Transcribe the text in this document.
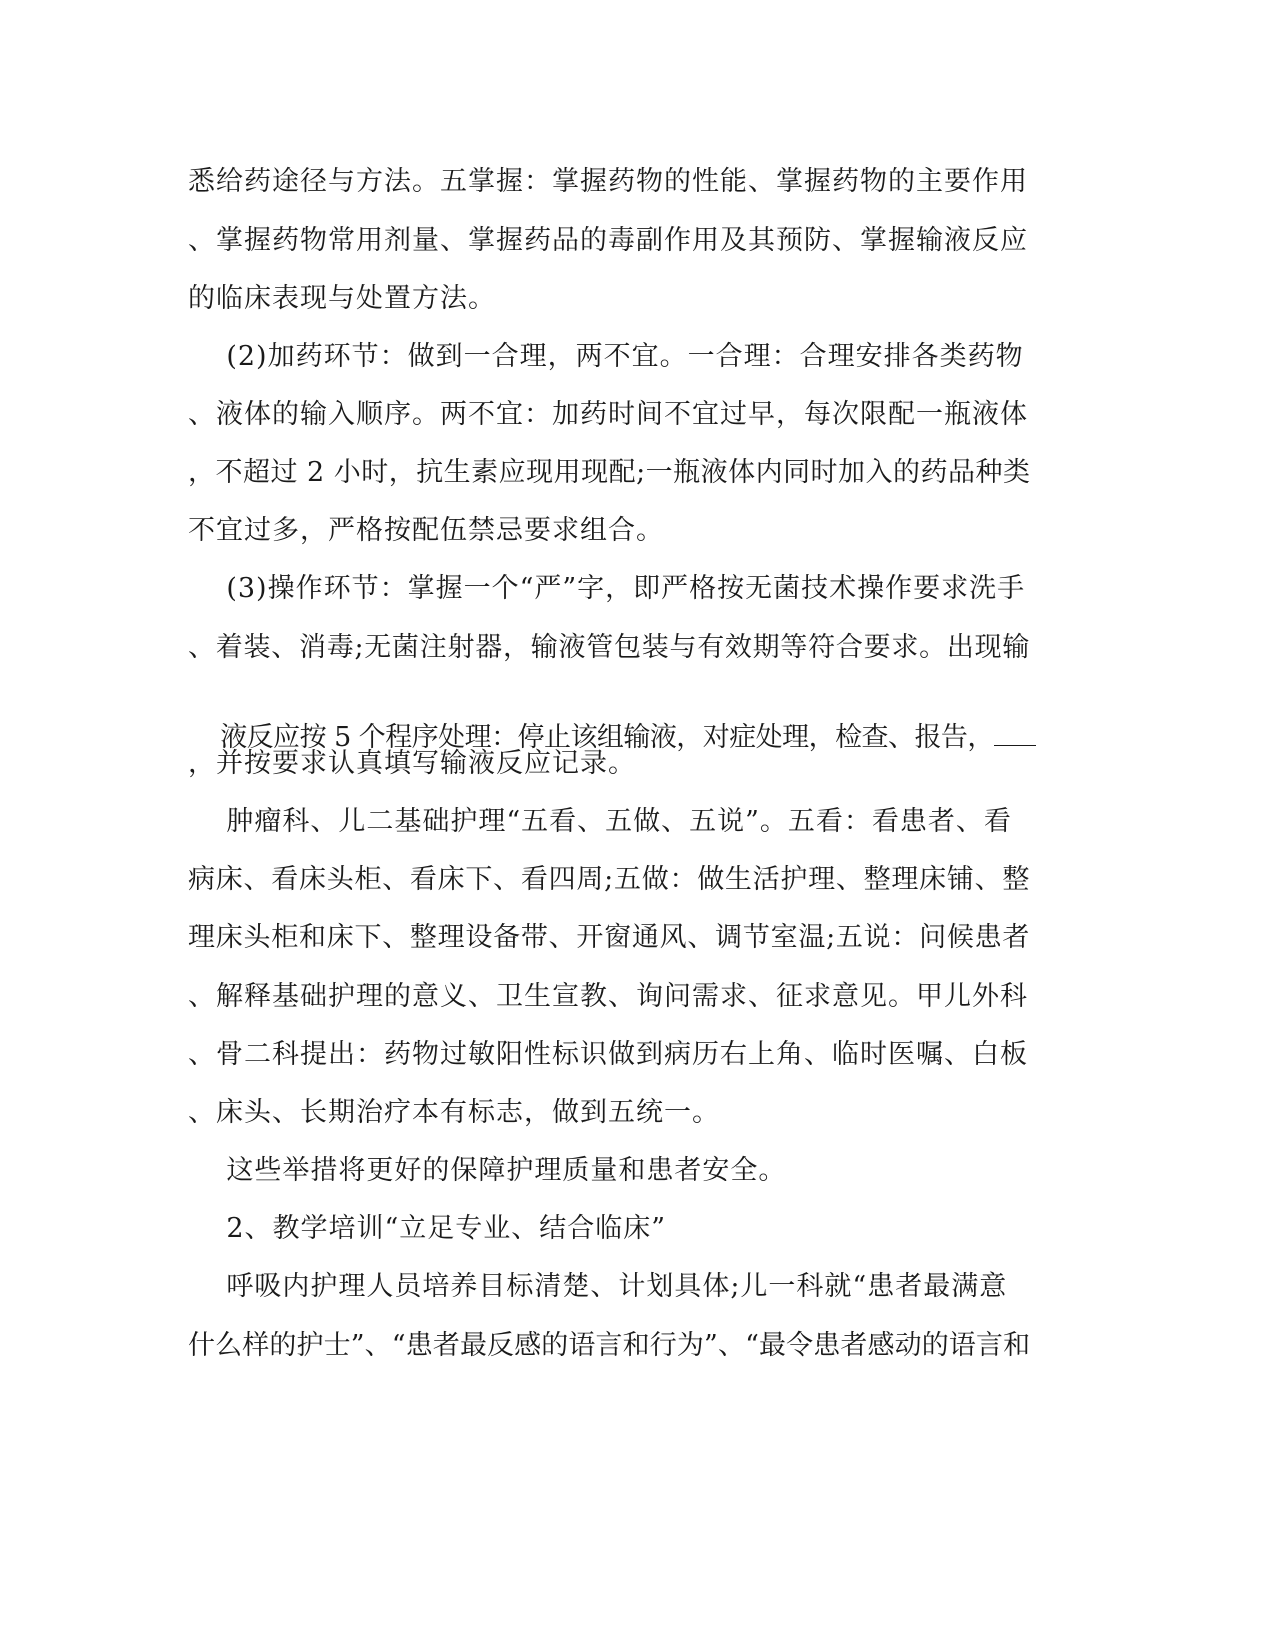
悉给药途径与方法。五掌握：掌握药物的性能、掌握药物的主要作用
、掌握药物常用剂量、掌握药品的毒副作用及其预防、掌握输液反应
的临床表现与处置方法。
(2)加药环节：做到一合理，两不宜。一合理：合理安排各类药物
、液体的输入顺序。两不宜：加药时间不宜过早，每次限配一瓶液体
，不超过 2 小时，抗生素应现用现配;一瓶液体内同时加入的药品种类
不宜过多，严格按配伍禁忌要求组合。
(3)操作环节：掌握一个“严”字，即严格按无菌技术操作要求洗手
、着装、消毒;无菌注射器，输液管包装与有效期等符合要求。出现输

液反应按 5 个程序处理：停止该组输液，对症处理，检查、报告，

，并按要求认真填写输液反应记录。
肿瘤科、儿二基础护理“五看、五做、五说”。五看：看患者、看
病床、看床头柜、看床下、看四周;五做：做生活护理、整理床铺、整
理床头柜和床下、整理设备带、开窗通风、调节室温;五说：问候患者
、解释基础护理的意义、卫生宣教、询问需求、征求意见。甲儿外科
、骨二科提出：药物过敏阳性标识做到病历右上角、临时医嘱、白板
、床头、长期治疗本有标志，做到五统一。
这些举措将更好的保障护理质量和患者安全。
2、教学培训“立足专业、结合临床”
呼吸内护理人员培养目标清楚、计划具体;儿一科就“患者最满意
什么样的护士”、“患者最反感的语言和行为”、“最令患者感动的语言和
